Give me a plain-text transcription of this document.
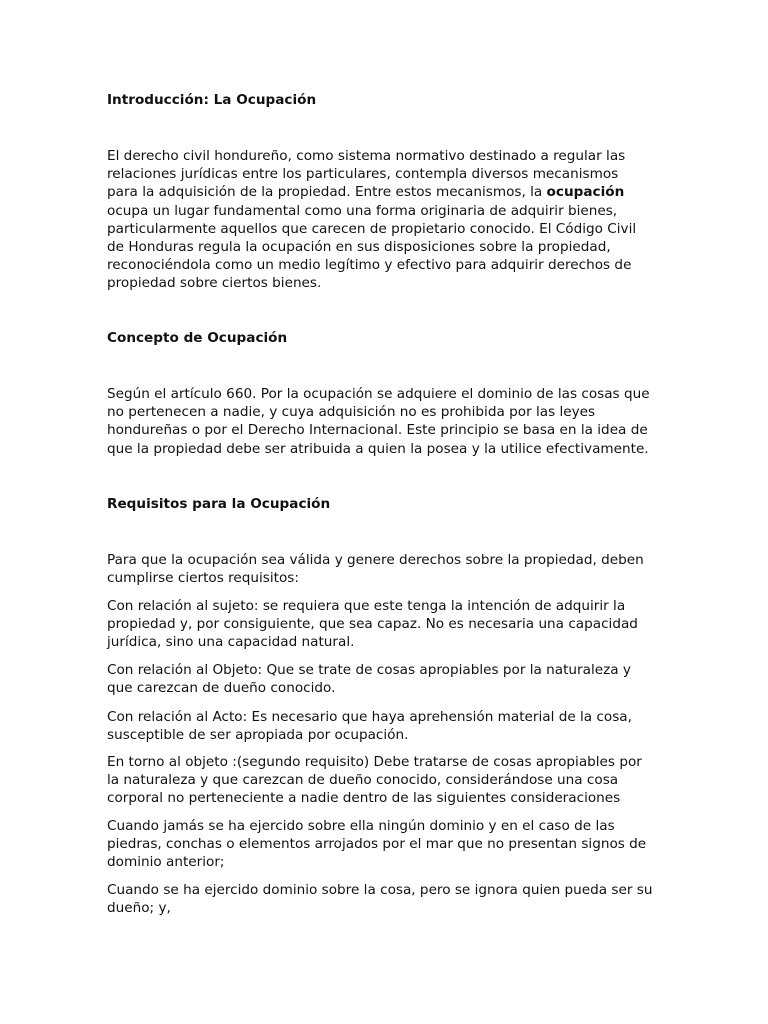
Introducción: La Ocupación
El derecho civil hondureño, como sistema normativo destinado a regular las
relaciones jurídicas entre los particulares, contempla diversos mecanismos
para la adquisición de la propiedad. Entre estos mecanismos, la ocupación
ocupa un lugar fundamental como una forma originaria de adquirir bienes,
particularmente aquellos que carecen de propietario conocido. El Código Civil
de Honduras regula la ocupación en sus disposiciones sobre la propiedad,
reconociéndola como un medio legítimo y efectivo para adquirir derechos de
propiedad sobre ciertos bienes.
Concepto de Ocupación
Según el artículo 660. Por la ocupación se adquiere el dominio de las cosas que
no pertenecen a nadie, y cuya adquisición no es prohibida por las leyes
hondureñas o por el Derecho Internacional. Este principio se basa en la idea de
que la propiedad debe ser atribuida a quien la posea y la utilice efectivamente.
Requisitos para la Ocupación
Para que la ocupación sea válida y genere derechos sobre la propiedad, deben
cumplirse ciertos requisitos:
Con relación al sujeto: se requiera que este tenga la intención de adquirir la
propiedad y, por consiguiente, que sea capaz. No es necesaria una capacidad
jurídica, sino una capacidad natural.
Con relación al Objeto: Que se trate de cosas apropiables por la naturaleza y
que carezcan de dueño conocido.
Con relación al Acto: Es necesario que haya aprehensión material de la cosa,
susceptible de ser apropiada por ocupación.
En torno al objeto :(segundo requisito) Debe tratarse de cosas apropiables por
la naturaleza y que carezcan de dueño conocido, considerándose una cosa
corporal no perteneciente a nadie dentro de las siguientes consideraciones
Cuando jamás se ha ejercido sobre ella ningún dominio y en el caso de las
piedras, conchas o elementos arrojados por el mar que no presentan signos de
dominio anterior;
Cuando se ha ejercido dominio sobre la cosa, pero se ignora quien pueda ser su
dueño; y,
